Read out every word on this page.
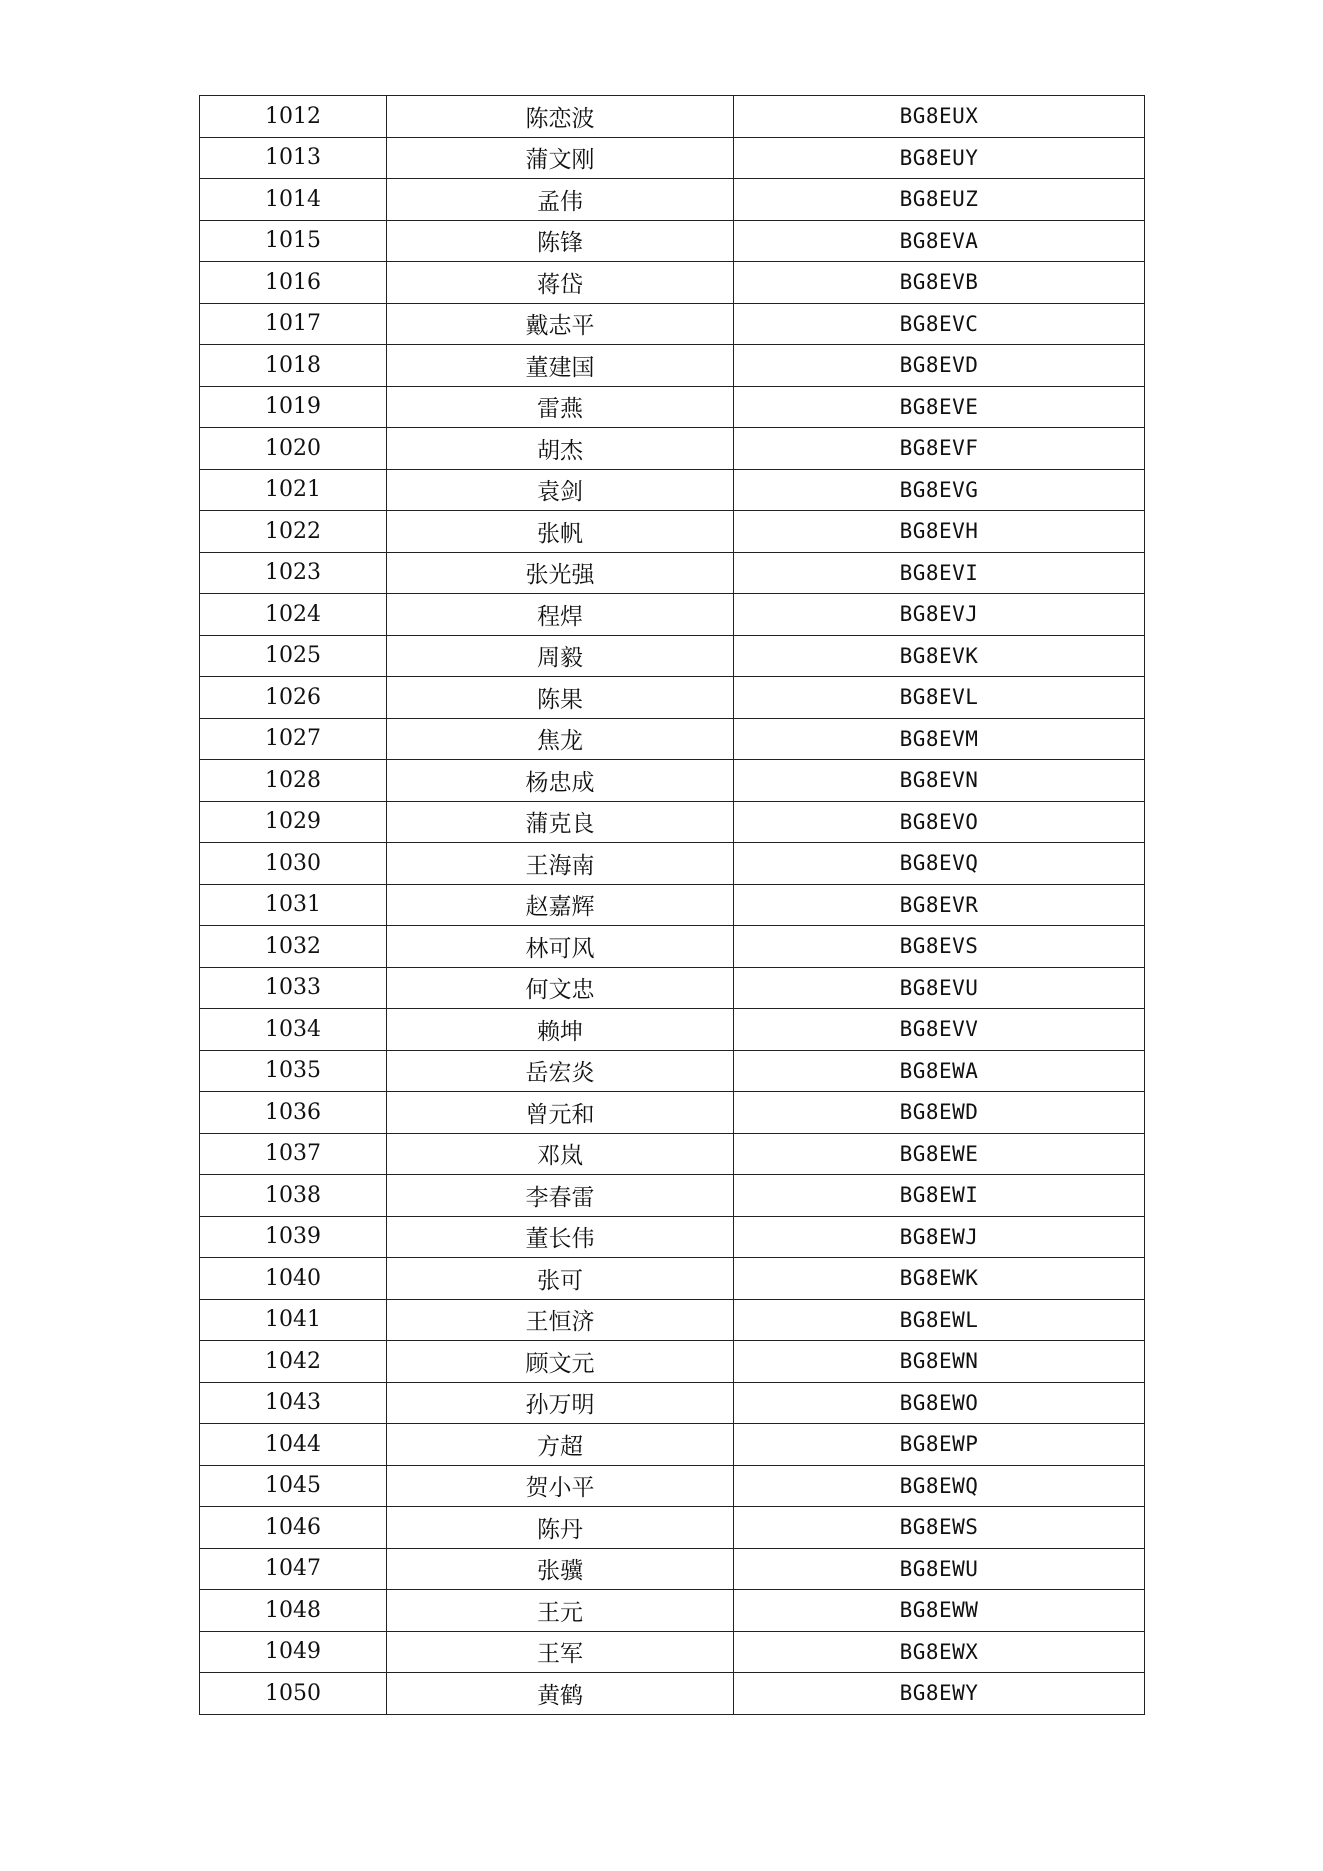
1012	陈恋波	BG8EUX
1013	蒲文刚	BG8EUY
1014	孟伟	BG8EUZ
1015	陈锋	BG8EVA
1016	蒋岱	BG8EVB
1017	戴志平	BG8EVC
1018	董建国	BG8EVD
1019	雷燕	BG8EVE
1020	胡杰	BG8EVF
1021	袁剑	BG8EVG
1022	张帆	BG8EVH
1023	张光强	BG8EVI
1024	程焊	BG8EVJ
1025	周毅	BG8EVK
1026	陈果	BG8EVL
1027	焦龙	BG8EVM
1028	杨忠成	BG8EVN
1029	蒲克良	BG8EVO
1030	王海南	BG8EVQ
1031	赵嘉辉	BG8EVR
1032	林可风	BG8EVS
1033	何文忠	BG8EVU
1034	赖坤	BG8EVV
1035	岳宏炎	BG8EWA
1036	曾元和	BG8EWD
1037	邓岚	BG8EWE
1038	李春雷	BG8EWI
1039	董长伟	BG8EWJ
1040	张可	BG8EWK
1041	王恒济	BG8EWL
1042	顾文元	BG8EWN
1043	孙万明	BG8EWO
1044	方超	BG8EWP
1045	贺小平	BG8EWQ
1046	陈丹	BG8EWS
1047	张骥	BG8EWU
1048	王元	BG8EWW
1049	王军	BG8EWX
1050	黄鹤	BG8EWY
